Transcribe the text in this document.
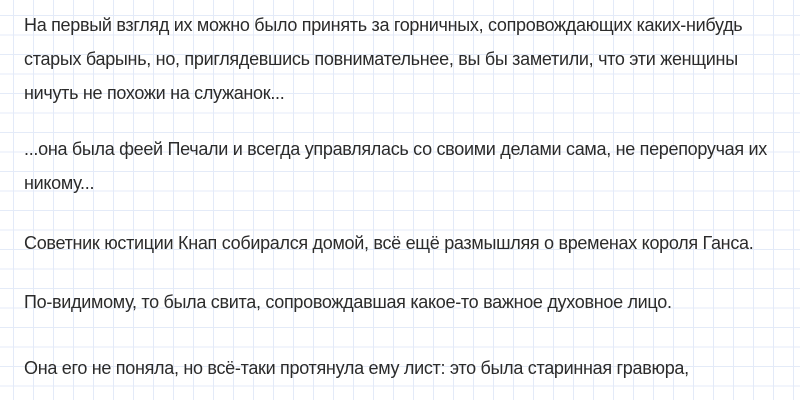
На первый взгляд их можно было принять за горничных, сопровождающих каких-нибудь
старых барынь, но, приглядевшись повнимательнее, вы бы заметили, что эти женщины
ничуть не похожи на служанок...
...она была феей Печали и всегда управлялась со своими делами сама, не перепоручая их
никому...
Советник юстиции Кнап собирался домой, всё ещё размышляя о временах короля Ганса.
По-видимому, то была свита, сопровождавшая какое-то важное духовное лицо.
Она его не поняла, но всё-таки протянула ему лист: это была старинная гравюра,
